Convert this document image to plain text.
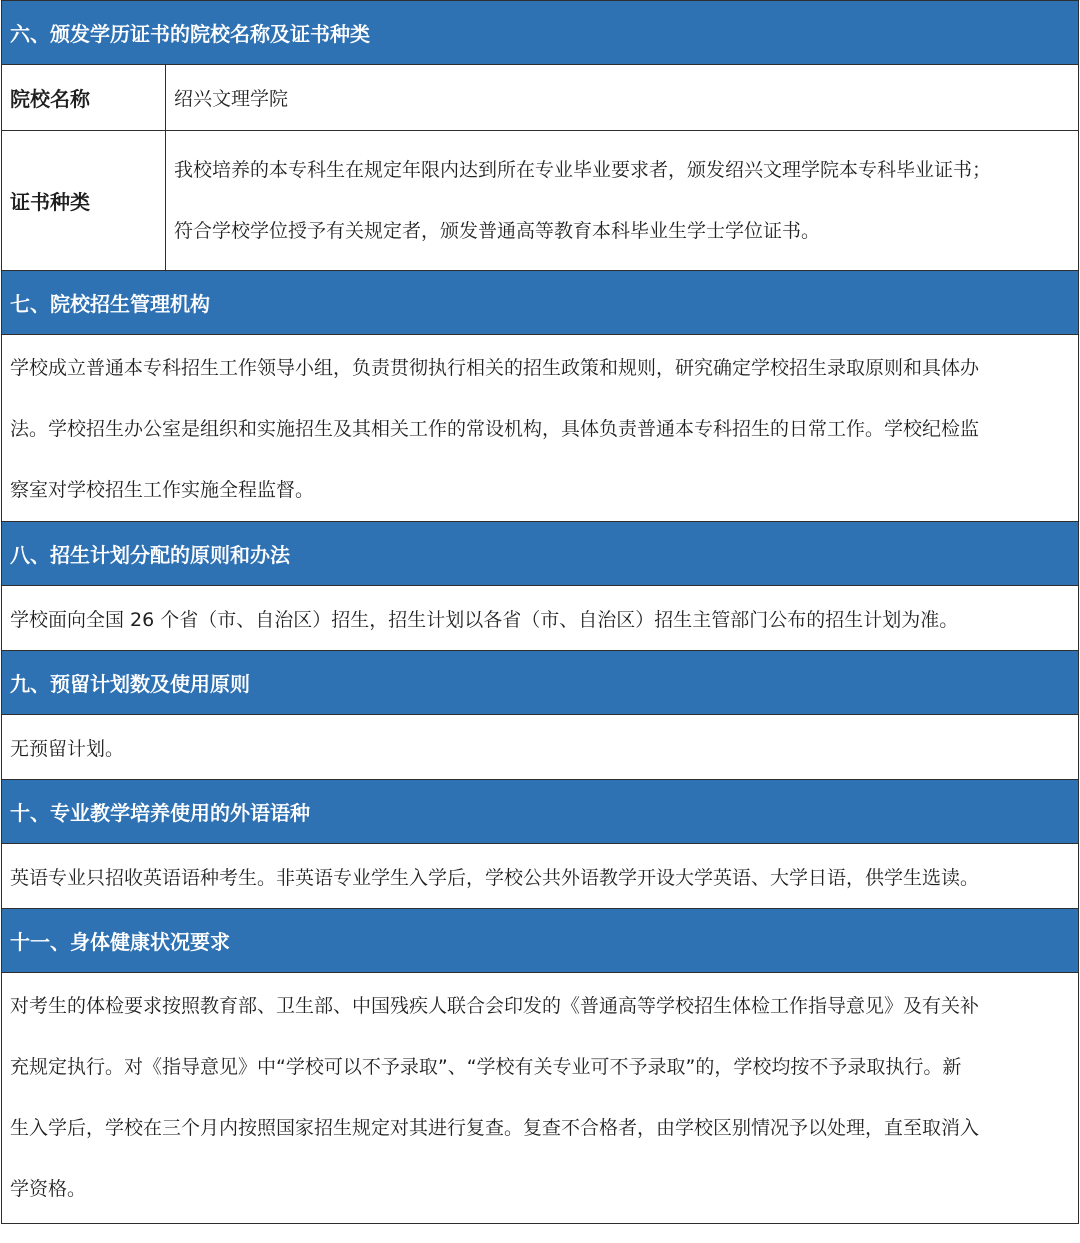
六、颁发学历证书的院校名称及证书种类
院校名称	绍兴文理学院
证书种类
我校培养的本专科生在规定年限内达到所在专业毕业要求者，颁发绍兴文理学院本专科毕业证书；
符合学校学位授予有关规定者，颁发普通高等教育本科毕业生学士学位证书。
七、院校招生管理机构
学校成立普通本专科招生工作领导小组，负责贯彻执行相关的招生政策和规则，研究确定学校招生录取原则和具体办
法。学校招生办公室是组织和实施招生及其相关工作的常设机构，具体负责普通本专科招生的日常工作。学校纪检监
察室对学校招生工作实施全程监督。
八、招生计划分配的原则和办法
学校面向全国 26 个省（市、自治区）招生，招生计划以各省（市、自治区）招生主管部门公布的招生计划为准。
九、预留计划数及使用原则
无预留计划。
十、专业教学培养使用的外语语种
英语专业只招收英语语种考生。非英语专业学生入学后，学校公共外语教学开设大学英语、大学日语，供学生选读。
十一、身体健康状况要求
对考生的体检要求按照教育部、卫生部、中国残疾人联合会印发的《普通高等学校招生体检工作指导意见》及有关补
充规定执行。对《指导意见》中“学校可以不予录取”、“学校有关专业可不予录取”的，学校均按不予录取执行。新
生入学后，学校在三个月内按照国家招生规定对其进行复查。复查不合格者，由学校区别情况予以处理，直至取消入
学资格。
